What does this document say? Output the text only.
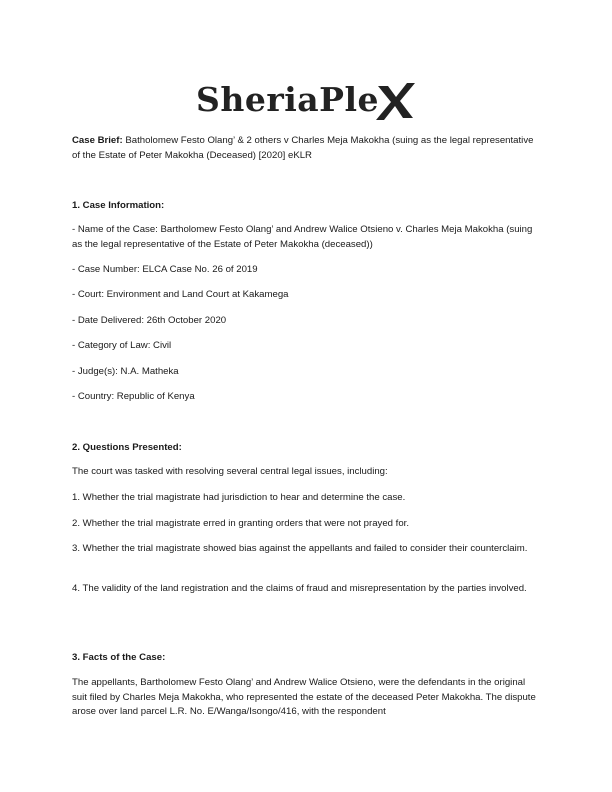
SheriaPle

Case Brief: Batholomew Festo Olang’ & 2 others v Charles Meja Makokha (suing as the legal representative of the Estate of Peter Makokha (Deceased) [2020] eKLR

1. Case Information:

- Name of the Case: Bartholomew Festo Olang’ and Andrew Walice Otsieno v. Charles Meja Makokha (suing as the legal representative of the Estate of Peter Makokha (deceased))

- Case Number: ELCA Case No. 26 of 2019

- Court: Environment and Land Court at Kakamega

- Date Delivered: 26th October 2020

- Category of Law: Civil

- Judge(s): N.A. Matheka

- Country: Republic of Kenya

2. Questions Presented:

The court was tasked with resolving several central legal issues, including:

1. Whether the trial magistrate had jurisdiction to hear and determine the case.

2. Whether the trial magistrate erred in granting orders that were not prayed for.

3. Whether the trial magistrate showed bias against the appellants and failed to consider their counterclaim.

4. The validity of the land registration and the claims of fraud and misrepresentation by the parties involved.

3. Facts of the Case:

The appellants, Bartholomew Festo Olang’ and Andrew Walice Otsieno, were the defendants in the original suit filed by Charles Meja Makokha, who represented the estate of the deceased Peter Makokha. The dispute arose over land parcel L.R. No. E/Wanga/Isongo/416, with the respondent
